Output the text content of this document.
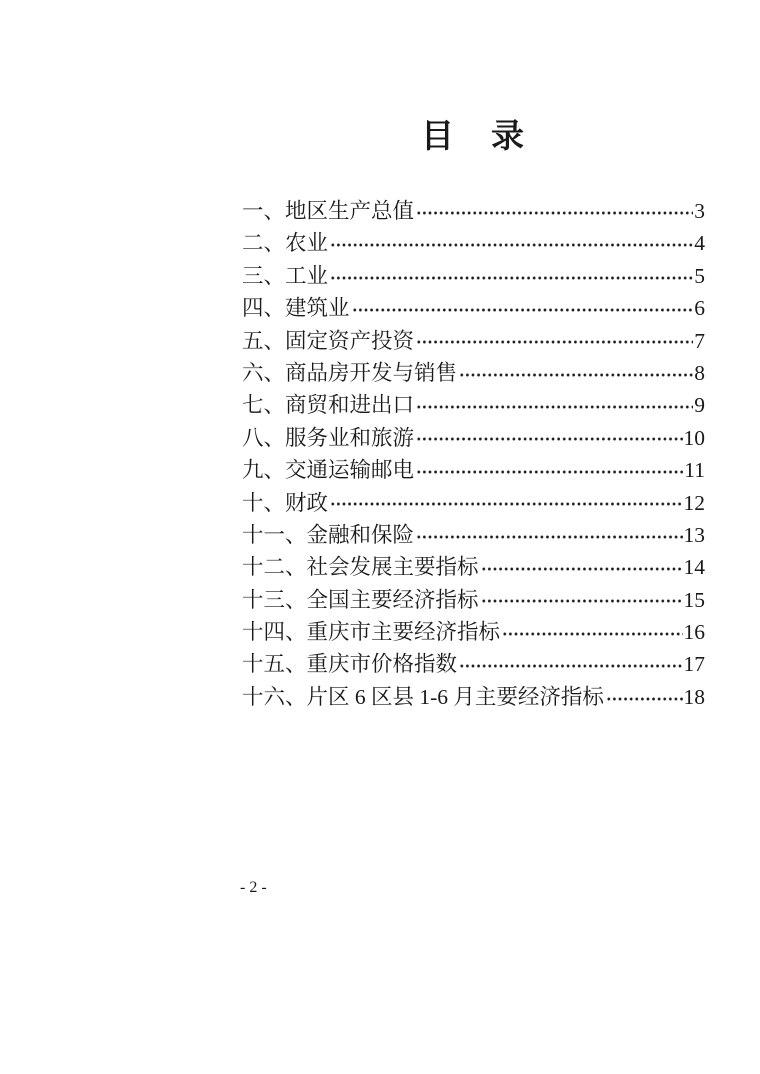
目　录
一、地区生产总值	3
二、农业	4
三、工业	5
四、建筑业	6
五、固定资产投资	7
六、商品房开发与销售	8
七、商贸和进出口	9
八、服务业和旅游	10
九、交通运输邮电	11
十、财政	12
十一、金融和保险	13
十二、社会发展主要指标	14
十三、全国主要经济指标	15
十四、重庆市主要经济指标	16
十五、重庆市价格指数	17
十六、片区 6 区县 1-6 月主要经济指标	18
- 2 -
